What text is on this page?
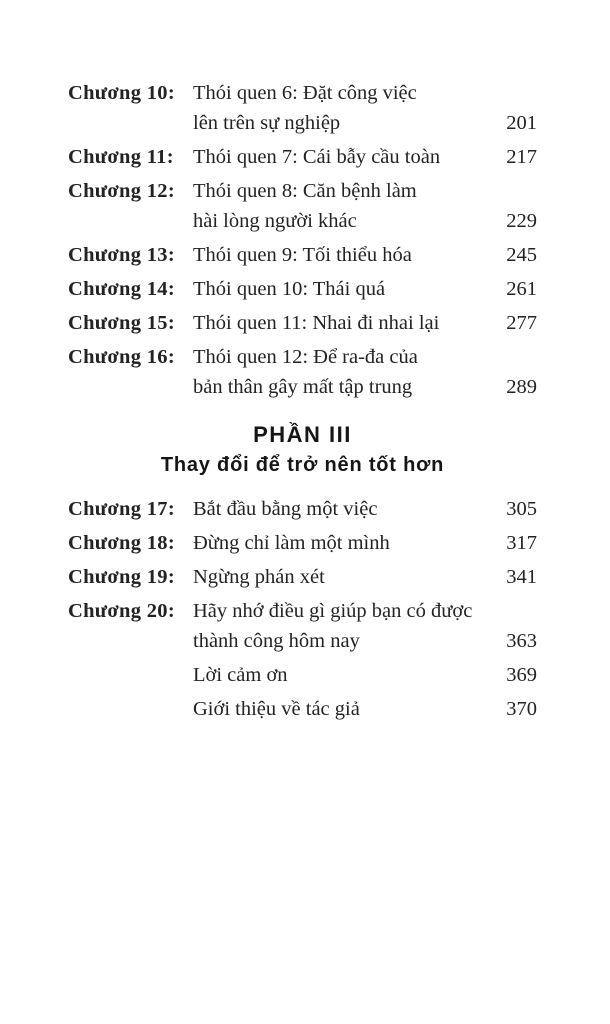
Chương 10: Thói quen 6: Đặt công việc
lên trên sự nghiệp	201
Chương 11: Thói quen 7: Cái bẫy cầu toàn	217
Chương 12: Thói quen 8: Căn bệnh làm
hài lòng người khác	229
Chương 13: Thói quen 9: Tối thiểu hóa	245
Chương 14: Thói quen 10: Thái quá	261
Chương 15: Thói quen 11: Nhai đi nhai lại	277
Chương 16: Thói quen 12: Để ra-đa của
bản thân gây mất tập trung	289
PHẦN III
Thay đổi để trở nên tốt hơn
Chương 17: Bắt đầu bằng một việc	305
Chương 18: Đừng chỉ làm một mình	317
Chương 19: Ngừng phán xét	341
Chương 20: Hãy nhớ điều gì giúp bạn có được
thành công hôm nay	363
Lời cảm ơn	369
Giới thiệu về tác giả	370
